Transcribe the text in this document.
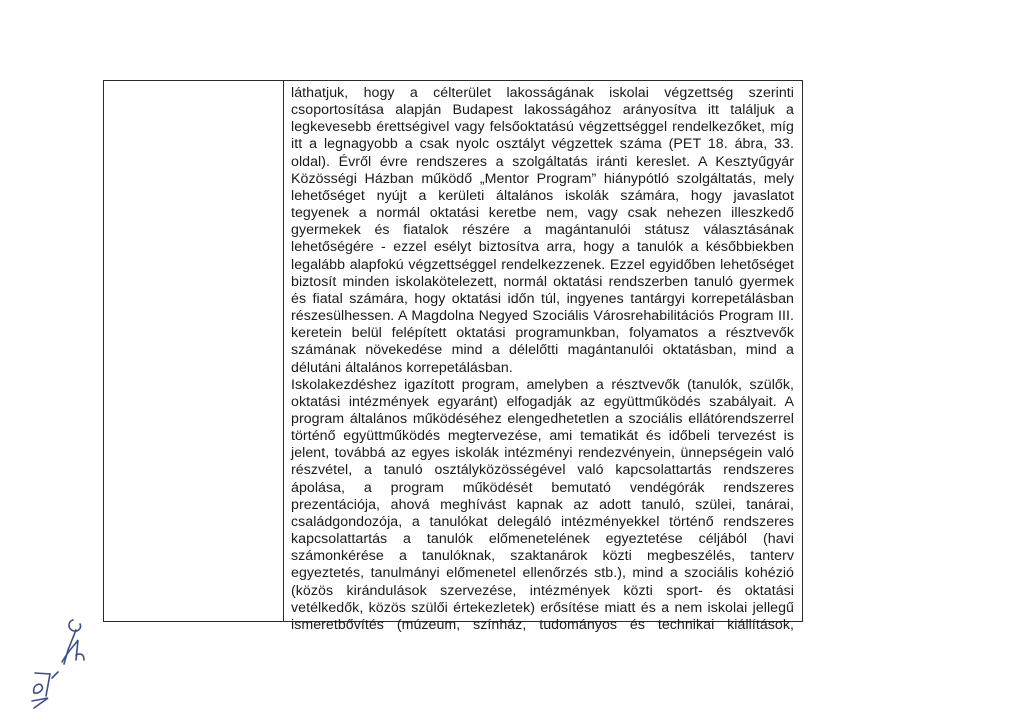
láthatjuk, hogy a célterület lakosságának iskolai végzettség szerinti csoportosítása alapján Budapest lakosságához arányosítva itt találjuk a legkevesebb érettségivel vagy felsőoktatású végzettséggel rendelkezőket, míg itt a legnagyobb a csak nyolc osztályt végzettek száma (PET 18. ábra, 33. oldal). Évről évre rendszeres a szolgáltatás iránti kereslet. A Kesztyűgyár Közösségi Házban működő „Mentor Program” hiánypótló szolgáltatás, mely lehetőséget nyújt a kerületi általános iskolák számára, hogy javaslatot tegyenek a normál oktatási keretbe nem, vagy csak nehezen illeszkedő gyermekek és fiatalok részére a magántanulói státusz választásának lehetőségére - ezzel esélyt biztosítva arra, hogy a tanulók a későbbiekben legalább alapfokú végzettséggel rendelkezzenek. Ezzel egyidőben lehetőséget biztosít minden iskolakötelezett, normál oktatási rendszerben tanuló gyermek és fiatal számára, hogy oktatási időn túl, ingyenes tantárgyi korrepetálásban részesülhessen. A Magdolna Negyed Szociális Városrehabilitációs Program III. keretein belül felépített oktatási programunkban, folyamatos a résztvevők számának növekedése mind a délelőtti magántanulói oktatásban, mind a délutáni általános korrepetálásban.

Iskolakezdéshez igazított program, amelyben a résztvevők (tanulók, szülők, oktatási intézmények egyaránt) elfogadják az együttműködés szabályait. A program általános működéséhez elengedhetetlen a szociális ellátórendszerrel történő együttműködés megtervezése, ami tematikát és időbeli tervezést is jelent, továbbá az egyes iskolák intézményi rendezvényein, ünnepségein való részvétel, a tanuló osztályközösségével való kapcsolattartás rendszeres ápolása, a program működését bemutató vendégórák rendszeres prezentációja, ahová meghívást kapnak az adott tanuló, szülei, tanárai, családgondozója, a tanulókat delegáló intézményekkel történő rendszeres kapcsolattartás a tanulók előmenetelének egyeztetése céljából (havi számonkérése a tanulóknak, szaktanárok közti megbeszélés, tanterv egyeztetés, tanulmányi előmenetel ellenőrzés stb.), mind a szociális kohézió (közös kirándulások szervezése, intézmények közti sport- és oktatási vetélkedők, közös szülői értekezletek) erősítése miatt és a nem iskolai jellegű ismeretbővítés (múzeum, színház, tudományos és technikai kiállítások,
